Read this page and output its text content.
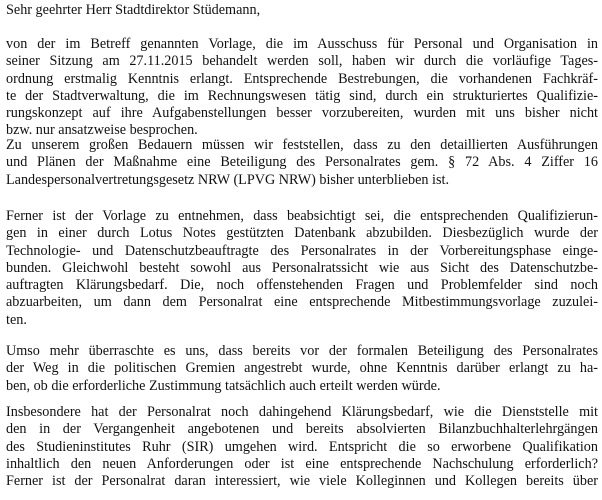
Sehr geehrter Herr Stadtdirektor Stüdemann,
von der im Betreff genannten Vorlage, die im Ausschuss für Personal und Organisation in
seiner Sitzung am 27.11.2015 behandelt werden soll, haben wir durch die vorläufige Tages-
ordnung erstmalig Kenntnis erlangt. Entsprechende Bestrebungen, die vorhandenen Fachkräf-
te der Stadtverwaltung, die im Rechnungswesen tätig sind, durch ein strukturiertes Qualifizie-
rungskonzept auf ihre Aufgabenstellungen besser vorzubereiten, wurden mit uns bisher nicht
bzw. nur ansatzweise besprochen.
Zu unserem großen Bedauern müssen wir feststellen, dass zu den detaillierten Ausführungen
und Plänen der Maßnahme eine Beteiligung des Personalrates gem. § 72 Abs. 4 Ziffer 16
Landespersonalvertretungsgesetz NRW (LPVG NRW) bisher unterblieben ist.
Ferner ist der Vorlage zu entnehmen, dass beabsichtigt sei, die entsprechenden Qualifizierun-
gen in einer durch Lotus Notes gestützten Datenbank abzubilden. Diesbezüglich wurde der
Technologie- und Datenschutzbeauftragte des Personalrates in der Vorbereitungsphase einge-
bunden. Gleichwohl besteht sowohl aus Personalratssicht wie aus Sicht des Datenschutzbe-
auftragten Klärungsbedarf. Die, noch offenstehenden Fragen und Problemfelder sind noch
abzuarbeiten, um dann dem Personalrat eine entsprechende Mitbestimmungsvorlage zuzulei-
ten.
Umso mehr überraschte es uns, dass bereits vor der formalen Beteiligung des Personalrates
der Weg in die politischen Gremien angestrebt wurde, ohne Kenntnis darüber erlangt zu ha-
ben, ob die erforderliche Zustimmung tatsächlich auch erteilt werden würde.
Insbesondere hat der Personalrat noch dahingehend Klärungsbedarf, wie die Dienststelle mit
den in der Vergangenheit angebotenen und bereits absolvierten Bilanzbuchhalterlehrgängen
des Studieninstitutes Ruhr (SIR) umgehen wird. Entspricht die so erworbene Qualifikation
inhaltlich den neuen Anforderungen oder ist eine entsprechende Nachschulung erforderlich?
Ferner ist der Personalrat daran interessiert, wie viele Kolleginnen und Kollegen bereits über
